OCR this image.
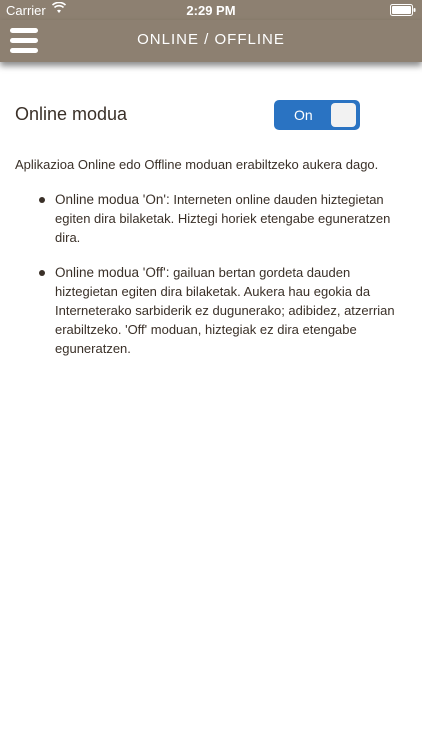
Carrier	2:29 PM
ONLINE / OFFLINE
Online modua	On

Aplikazioa Online edo Offline moduan erabiltzeko aukera dago.

Online modua 'On': Interneten online dauden hiztegietan egiten dira bilaketak. Hiztegi horiek etengabe eguneratzen dira.
Online modua 'Off': gailuan bertan gordeta dauden hiztegietan egiten dira bilaketak. Aukera hau egokia da Interneterako sarbiderik ez dugunerako; adibidez, atzerrian erabiltzeko. 'Off' moduan, hiztegiak ez dira etengabe eguneratzen.
